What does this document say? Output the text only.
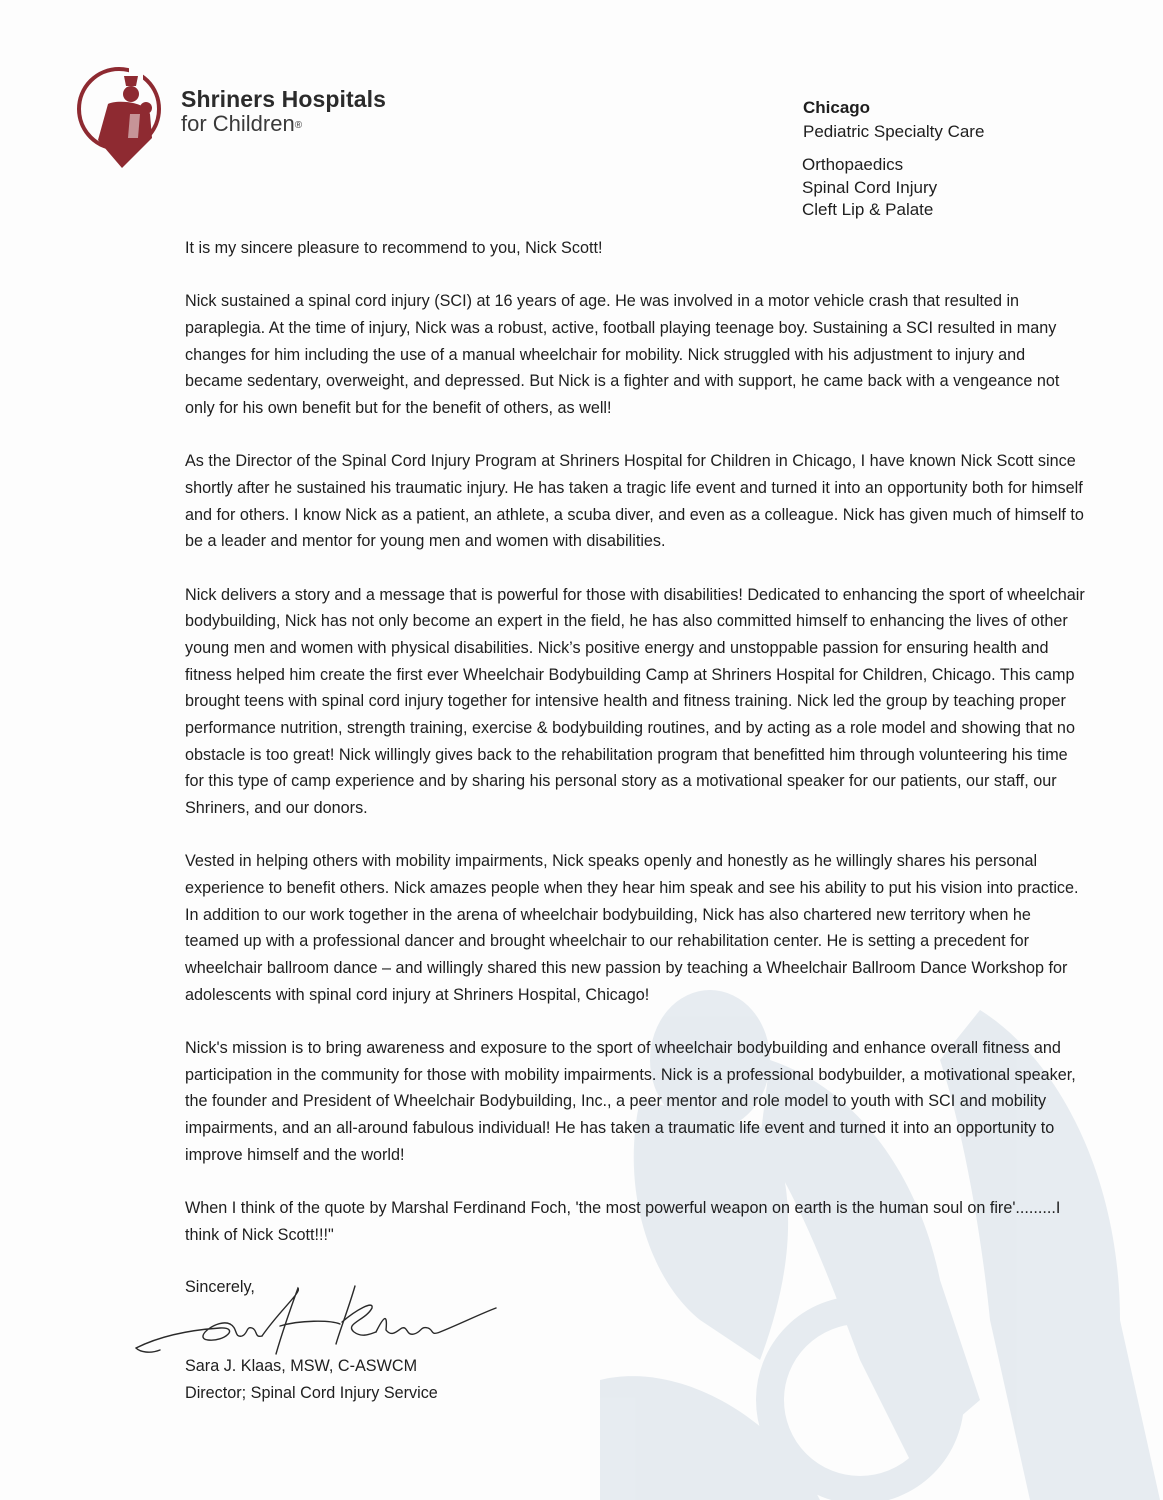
Shriners Hospitals
for Children®
Chicago
Pediatric Specialty Care
Orthopaedics
Spinal Cord Injury
Cleft Lip & Palate

It is my sincere pleasure to recommend to you, Nick Scott!

Nick sustained a spinal cord injury (SCI) at 16 years of age. He was involved in a motor vehicle crash that resulted in paraplegia. At the time of injury, Nick was a robust, active, football playing teenage boy. Sustaining a SCI resulted in many changes for him including the use of a manual wheelchair for mobility. Nick struggled with his adjustment to injury and became sedentary, overweight, and depressed. But Nick is a fighter and with support, he came back with a vengeance not only for his own benefit but for the benefit of others, as well!

As the Director of the Spinal Cord Injury Program at Shriners Hospital for Children in Chicago, I have known Nick Scott since shortly after he sustained his traumatic injury. He has taken a tragic life event and turned it into an opportunity both for himself and for others. I know Nick as a patient, an athlete, a scuba diver, and even as a colleague. Nick has given much of himself to be a leader and mentor for young men and women with disabilities.

Nick delivers a story and a message that is powerful for those with disabilities! Dedicated to enhancing the sport of wheelchair bodybuilding, Nick has not only become an expert in the field, he has also committed himself to enhancing the lives of other young men and women with physical disabilities. Nick’s positive energy and unstoppable passion for ensuring health and fitness helped him create the first ever Wheelchair Bodybuilding Camp at Shriners Hospital for Children, Chicago. This camp brought teens with spinal cord injury together for intensive health and fitness training. Nick led the group by teaching proper performance nutrition, strength training, exercise & bodybuilding routines, and by acting as a role model and showing that no obstacle is too great! Nick willingly gives back to the rehabilitation program that benefitted him through volunteering his time for this type of camp experience and by sharing his personal story as a motivational speaker for our patients, our staff, our Shriners, and our donors.

Vested in helping others with mobility impairments, Nick speaks openly and honestly as he willingly shares his personal experience to benefit others. Nick amazes people when they hear him speak and see his ability to put his vision into practice. In addition to our work together in the arena of wheelchair bodybuilding, Nick has also chartered new territory when he teamed up with a professional dancer and brought wheelchair to our rehabilitation center. He is setting a precedent for wheelchair ballroom dance – and willingly shared this new passion by teaching a Wheelchair Ballroom Dance Workshop for adolescents with spinal cord injury at Shriners Hospital, Chicago!

Nick's mission is to bring awareness and exposure to the sport of wheelchair bodybuilding and enhance overall fitness and participation in the community for those with mobility impairments. Nick is a professional bodybuilder, a motivational speaker, the founder and President of Wheelchair Bodybuilding, Inc., a peer mentor and role model to youth with SCI and mobility impairments, and an all-around fabulous individual! He has taken a traumatic life event and turned it into an opportunity to improve himself and the world!

When I think of the quote by Marshal Ferdinand Foch, 'the most powerful weapon on earth is the human soul on fire'.........I think of Nick Scott!!!"

Sincerely,
Sara J. Klaas, MSW, C-ASWCM
Director; Spinal Cord Injury Service
